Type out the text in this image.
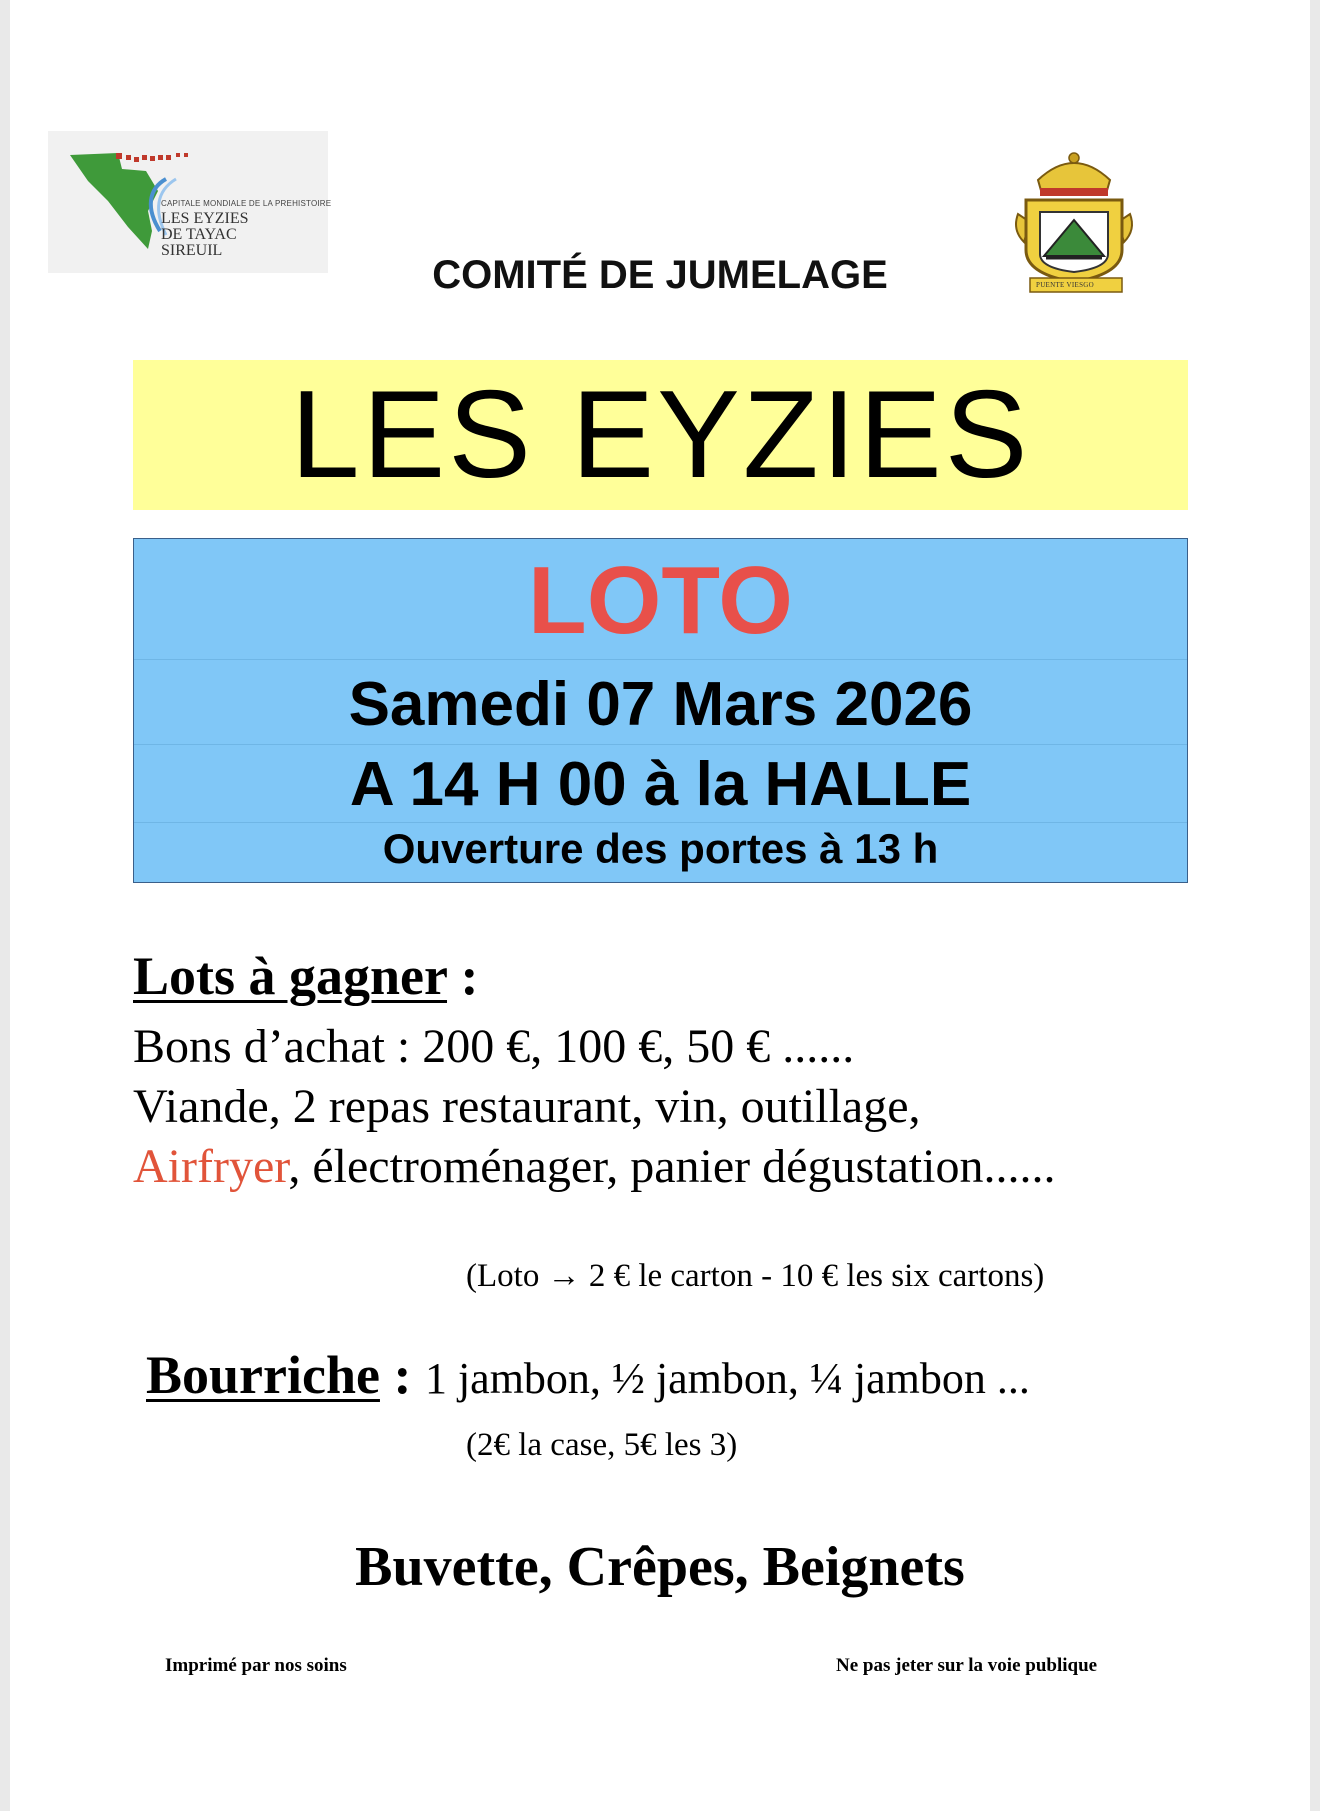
CAPITALE MONDIALE DE LA PREHISTOIRE
LES EYZIES
DE TAYAC
SIREUIL
PUENTE VIESGO
COMITÉ DE JUMELAGE
LES EYZIES
LOTO
Samedi 07 Mars 2026
A 14 H 00 à la HALLE
Ouverture des portes à 13 h
Lots à gagner :
Bons d’achat : 200 €, 100 €, 50 € ......
Viande, 2 repas restaurant, vin, outillage,
Airfryer, électroménager, panier dégustation......
(Loto → 2 € le carton - 10 € les six cartons)
Bourriche : 1 jambon, ½ jambon, ¼ jambon ...
(2€ la case, 5€ les 3)
Buvette, Crêpes, Beignets
Imprimé par nos soins	Ne pas jeter sur la voie publique
